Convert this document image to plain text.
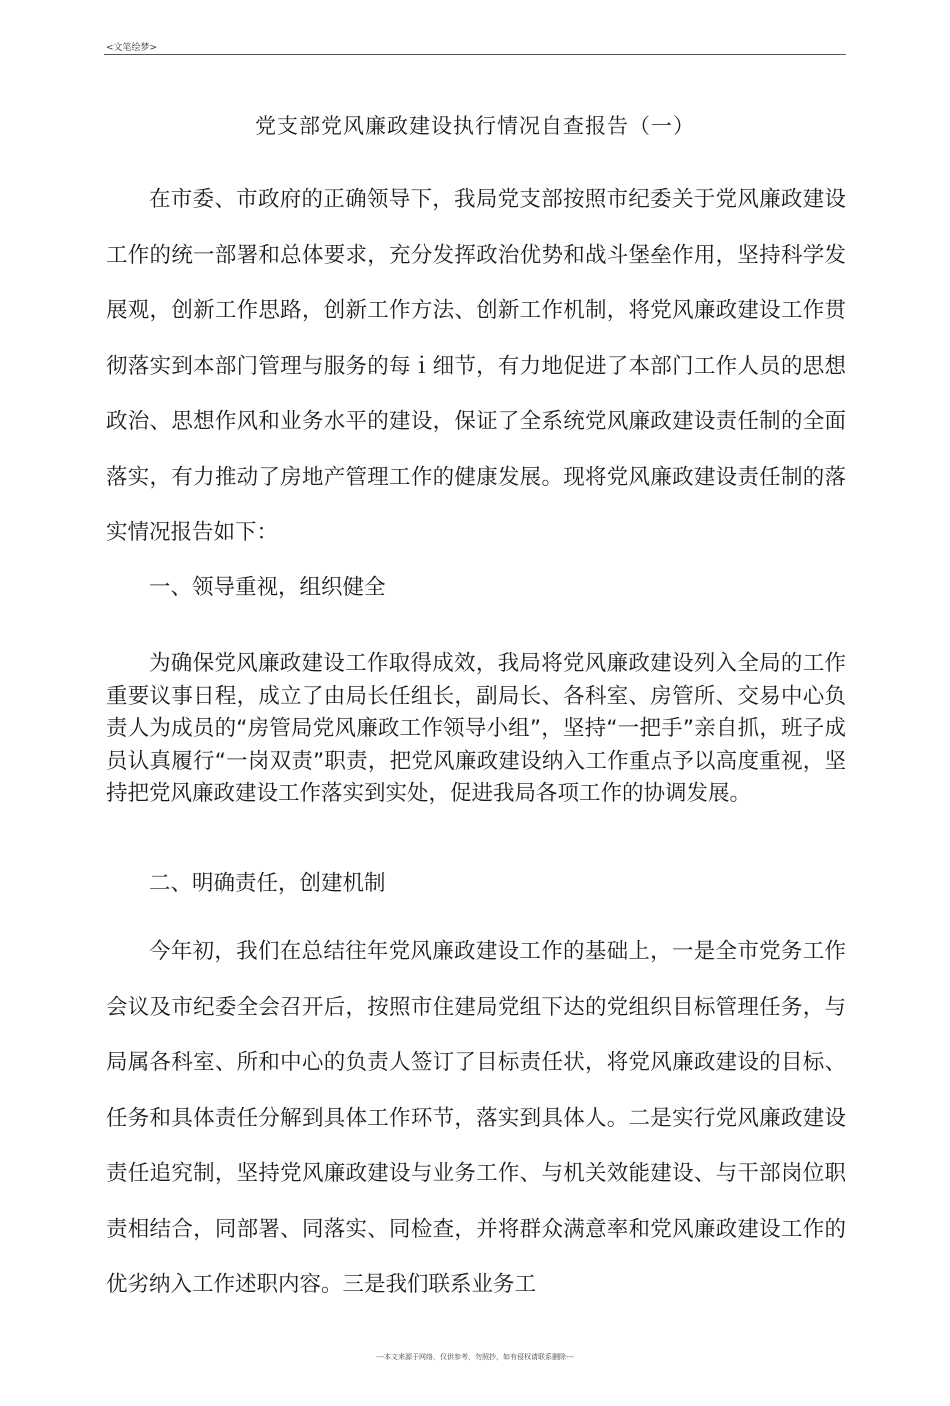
<文笔绘梦>
党支部党风廉政建设执行情况自查报告（一）

在市委、市政府的正确领导下，我局党支部按照市纪委关于党风廉政建设工作的统一部署和总体要求，充分发挥政治优势和战斗堡垒作用，坚持科学发展观，创新工作思路，创新工作方法、创新工作机制，将党风廉政建设工作贯彻落实到本部门管理与服务的每ｉ细节，有力地促进了本部门工作人员的思想政治、思想作风和业务水平的建设，保证了全系统党风廉政建设责任制的全面落实，有力推动了房地产管理工作的健康发展。现将党风廉政建设责任制的落实情况报告如下：

一、领导重视，组织健全

为确保党风廉政建设工作取得成效，我局将党风廉政建设列入全局的工作重要议事日程，成立了由局长任组长，副局长、各科室、房管所、交易中心负责人为成员的“房管局党风廉政工作领导小组”，坚持“一把手”亲自抓，班子成员认真履行“一岗双责”职责，把党风廉政建设纳入工作重点予以高度重视，坚持把党风廉政建设工作落实到实处，促进我局各项工作的协调发展。

二、明确责任，创建机制

今年初，我们在总结往年党风廉政建设工作的基础上，一是全市党务工作会议及市纪委全会召开后，按照市住建局党组下达的党组织目标管理任务，与局属各科室、所和中心的负责人签订了目标责任状，将党风廉政建设的目标、任务和具体责任分解到具体工作环节，落实到具体人。二是实行党风廉政建设责任追究制，坚持党风廉政建设与业务工作、与机关效能建设、与干部岗位职责相结合，同部署、同落实、同检查，并将群众满意率和党风廉政建设工作的优劣纳入工作述职内容。三是我们联系业务工

---本文来源于网络，仅供参考，勿照抄，如有侵权请联系删除---
